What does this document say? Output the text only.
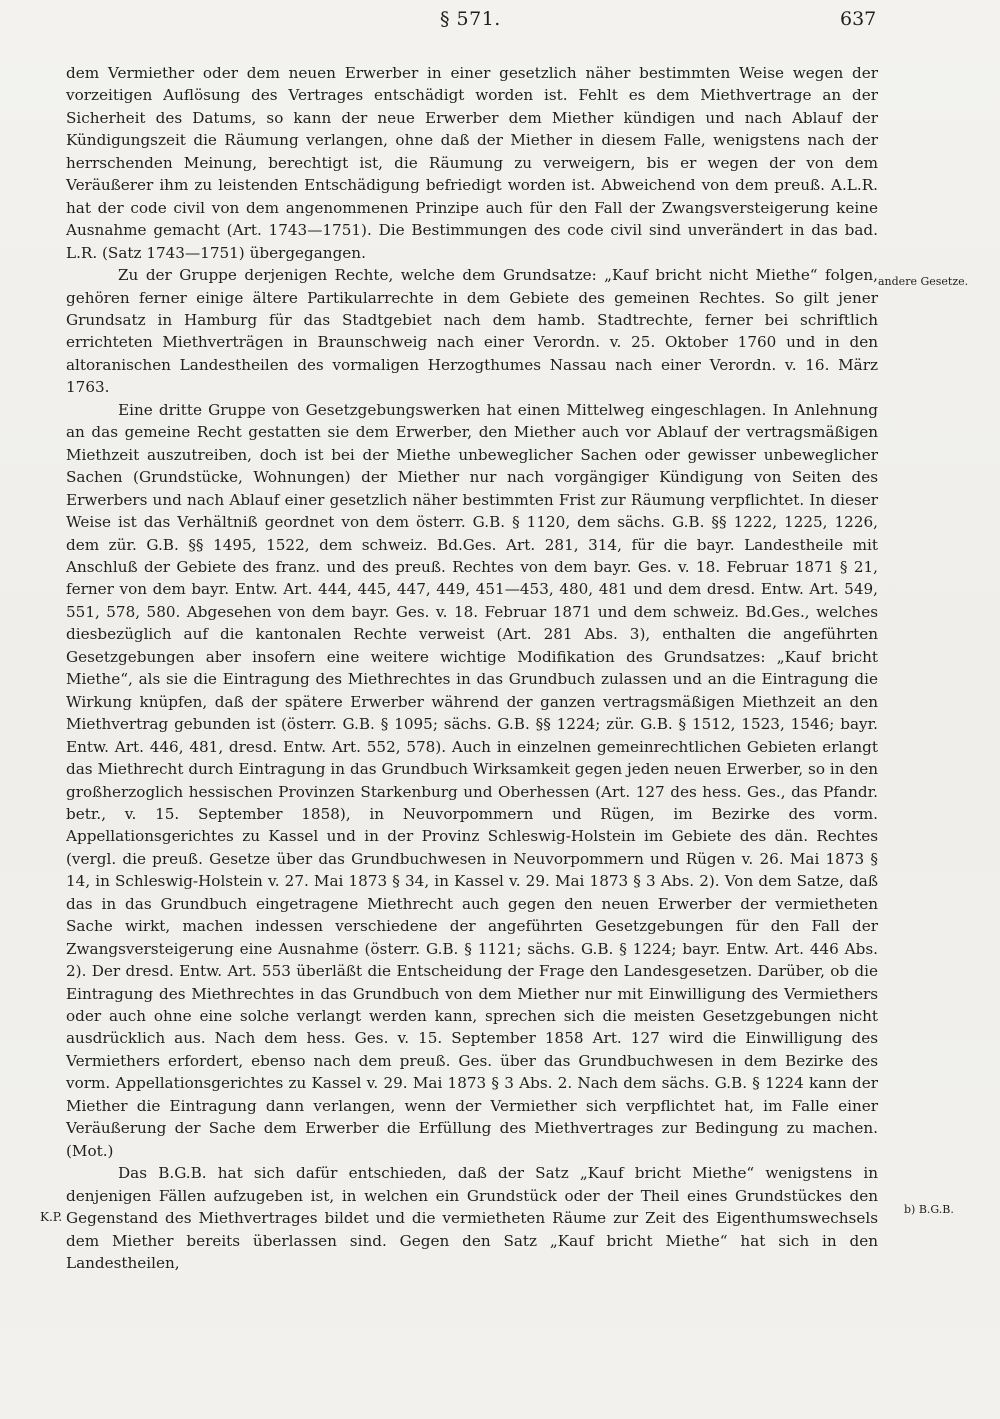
§ 571.	637

dem Vermiether oder dem neuen Erwerber in einer gesetzlich näher bestimmten Weise wegen der vorzeitigen Auflösung des Vertrages entschädigt worden ist. Fehlt es dem Miethvertrage an der Sicherheit des Datums, so kann der neue Erwerber dem Miether kündigen und nach Ablauf der Kündigungszeit die Räumung verlangen, ohne daß der Miether in diesem Falle, wenigstens nach der herrschenden Meinung, berechtigt ist, die Räumung zu verweigern, bis er wegen der von dem Veräußerer ihm zu leistenden Entschädigung befriedigt worden ist. Abweichend von dem preuß. A.L.R. hat der code civil von dem angenommenen Prinzipe auch für den Fall der Zwangsversteigerung keine Ausnahme gemacht (Art. 1743—1751). Die Bestimmungen des code civil sind unverändert in das bad. L.R. (Satz 1743—1751) übergegangen.

Zu der Gruppe derjenigen Rechte, welche dem Grundsatze: „Kauf bricht nicht Miethe“ folgen, gehören ferner einige ältere Partikularrechte in dem Gebiete des gemeinen Rechtes. So gilt jener Grundsatz in Hamburg für das Stadtgebiet nach dem hamb. Stadtrechte, ferner bei schriftlich errichteten Miethverträgen in Braunschweig nach einer Verordn. v. 25. Oktober 1760 und in den altoranischen Landestheilen des vormaligen Herzogthumes Nassau nach einer Verordn. v. 16. März 1763.

Eine dritte Gruppe von Gesetzgebungswerken hat einen Mittelweg eingeschlagen. In Anlehnung an das gemeine Recht gestatten sie dem Erwerber, den Miether auch vor Ablauf der vertragsmäßigen Miethzeit auszutreiben, doch ist bei der Miethe unbeweglicher Sachen oder gewisser unbeweglicher Sachen (Grundstücke, Wohnungen) der Miether nur nach vorgängiger Kündigung von Seiten des Erwerbers und nach Ablauf einer gesetzlich näher bestimmten Frist zur Räumung verpflichtet. In dieser Weise ist das Verhältniß geordnet von dem österr. G.B. § 1120, dem sächs. G.B. §§ 1222, 1225, 1226, dem zür. G.B. §§ 1495, 1522, dem schweiz. Bd.Ges. Art. 281, 314, für die bayr. Landestheile mit Anschluß der Gebiete des franz. und des preuß. Rechtes von dem bayr. Ges. v. 18. Februar 1871 § 21, ferner von dem bayr. Entw. Art. 444, 445, 447, 449, 451—453, 480, 481 und dem dresd. Entw. Art. 549, 551, 578, 580. Abgesehen von dem bayr. Ges. v. 18. Februar 1871 und dem schweiz. Bd.Ges., welches diesbezüglich auf die kantonalen Rechte verweist (Art. 281 Abs. 3), enthalten die angeführten Gesetzgebungen aber insofern eine weitere wichtige Modifikation des Grundsatzes: „Kauf bricht Miethe“, als sie die Eintragung des Miethrechtes in das Grundbuch zulassen und an die Eintragung die Wirkung knüpfen, daß der spätere Erwerber während der ganzen vertragsmäßigen Miethzeit an den Miethvertrag gebunden ist (österr. G.B. § 1095; sächs. G.B. §§ 1224; zür. G.B. § 1512, 1523, 1546; bayr. Entw. Art. 446, 481, dresd. Entw. Art. 552, 578). Auch in einzelnen gemeinrechtlichen Gebieten erlangt das Miethrecht durch Eintragung in das Grundbuch Wirksamkeit gegen jeden neuen Erwerber, so in den großherzoglich hessischen Provinzen Starkenburg und Oberhessen (Art. 127 des hess. Ges., das Pfandr. betr., v. 15. September 1858), in Neuvorpommern und Rügen, im Bezirke des vorm. Appellationsgerichtes zu Kassel und in der Provinz Schleswig-Holstein im Gebiete des dän. Rechtes (vergl. die preuß. Gesetze über das Grundbuchwesen in Neuvorpommern und Rügen v. 26. Mai 1873 § 14, in Schleswig-Holstein v. 27. Mai 1873 § 34, in Kassel v. 29. Mai 1873 § 3 Abs. 2). Von dem Satze, daß das in das Grundbuch eingetragene Miethrecht auch gegen den neuen Erwerber der vermietheten Sache wirkt, machen indessen verschiedene der angeführten Gesetzgebungen für den Fall der Zwangsversteigerung eine Ausnahme (österr. G.B. § 1121; sächs. G.B. § 1224; bayr. Entw. Art. 446 Abs. 2). Der dresd. Entw. Art. 553 überläßt die Entscheidung der Frage den Landesgesetzen. Darüber, ob die Eintragung des Miethrechtes in das Grundbuch von dem Miether nur mit Einwilligung des Vermiethers oder auch ohne eine solche verlangt werden kann, sprechen sich die meisten Gesetzgebungen nicht ausdrücklich aus. Nach dem hess. Ges. v. 15. September 1858 Art. 127 wird die Einwilligung des Vermiethers erfordert, ebenso nach dem preuß. Ges. über das Grundbuchwesen in dem Bezirke des vorm. Appellationsgerichtes zu Kassel v. 29. Mai 1873 § 3 Abs. 2. Nach dem sächs. G.B. § 1224 kann der Miether die Eintragung dann verlangen, wenn der Vermiether sich verpflichtet hat, im Falle einer Veräußerung der Sache dem Erwerber die Erfüllung des Miethvertrages zur Bedingung zu machen. (Mot.)

Das B.G.B. hat sich dafür entschieden, daß der Satz „Kauf bricht Miethe“ wenigstens in denjenigen Fällen aufzugeben ist, in welchen ein Grundstück oder der Theil eines Grundstückes den Gegenstand des Miethvertrages bildet und die vermietheten Räume zur Zeit des Eigenthumswechsels dem Miether bereits überlassen sind. Gegen den Satz „Kauf bricht Miethe“ hat sich in den Landestheilen,

andere Gesetze.
b) B.G.B.
K.P.
